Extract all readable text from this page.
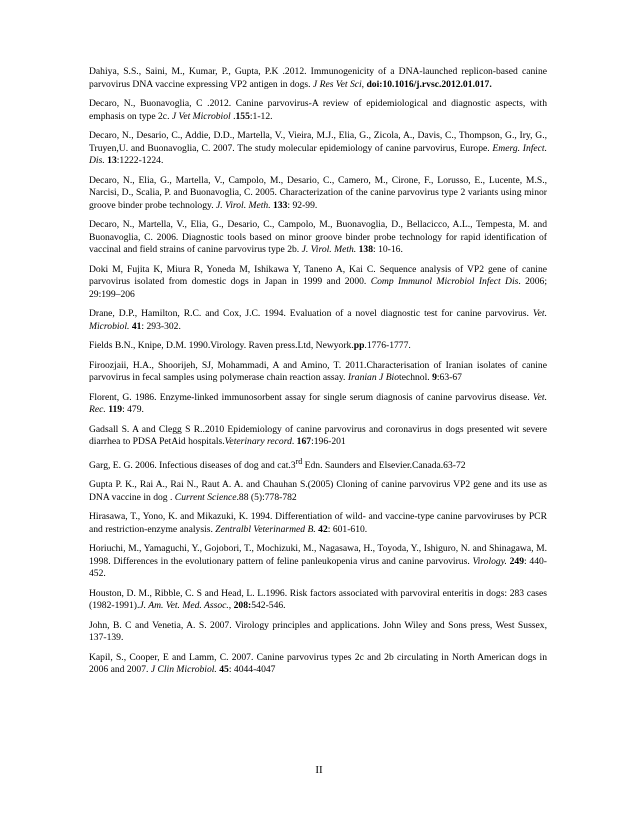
Dahiya, S.S., Saini, M., Kumar, P., Gupta, P.K .2012. Immunogenicity of a DNA-launched replicon-based canine parvovirus DNA vaccine expressing VP2 antigen in dogs. J Res Vet Sci, doi:10.1016/j.rvsc.2012.01.017.

Decaro, N., Buonavoglia, C .2012. Canine parvovirus-A review of epidemiological and diagnostic aspects, with emphasis on type 2c. J Vet Microbiol .155:1-12.

Decaro, N., Desario, C., Addie, D.D., Martella, V., Vieira, M.J., Elia, G., Zicola, A., Davis, C., Thompson, G., Iry, G., Truyen,U. and Buonavoglia, C. 2007. The study molecular epidemiology of canine parvovirus, Europe. Emerg. Infect. Dis. 13:1222-1224.

Decaro, N., Elia, G., Martella, V., Campolo, M., Desario, C., Camero, M., Cirone, F., Lorusso, E., Lucente, M.S., Narcisi, D., Scalia, P. and Buonavoglia, C. 2005. Characterization of the canine parvovirus type 2 variants using minor groove binder probe technology. J. Virol. Meth. 133: 92-99.

Decaro, N., Martella, V., Elia, G., Desario, C., Campolo, M., Buonavoglia, D., Bellacicco, A.L., Tempesta, M. and Buonavoglia, C. 2006. Diagnostic tools based on minor groove binder probe technology for rapid identification of vaccinal and field strains of canine parvovirus type 2b. J. Virol. Meth. 138: 10-16.

Doki M, Fujita K, Miura R, Yoneda M, Ishikawa Y, Taneno A, Kai C. Sequence analysis of VP2 gene of canine parvovirus isolated from domestic dogs in Japan in 1999 and 2000. Comp Immunol Microbiol Infect Dis. 2006; 29:199–206

Drane, D.P., Hamilton, R.C. and Cox, J.C. 1994. Evaluation of a novel diagnostic test for canine parvovirus. Vet. Microbiol. 41: 293-302.

Fields B.N., Knipe, D.M. 1990.Virology. Raven press.Ltd, Newyork.pp.1776-1777.

Firoozjaii, H.A., Shoorijeh, SJ, Mohammadi, A and Amino, T. 2011.Characterisation of Iranian isolates of canine parvovirus in fecal samples using polymerase chain reaction assay. Iranian J Biotechnol. 9:63-67

Florent, G. 1986. Enzyme-linked immunosorbent assay for single serum diagnosis of canine parvovirus disease. Vet. Rec. 119: 479.

Gadsall S. A and Clegg S R..2010 Epidemiology of canine parvovirus and coronavirus in dogs presented wit severe diarrhea to PDSA PetAid hospitals.Veterinary record. 167:196-201

Garg, E. G. 2006. Infectious diseases of dog and cat.3rd Edn. Saunders and Elsevier.Canada.63-72

Gupta P. K., Rai A., Rai N., Raut A. A. and Chauhan S.(2005) Cloning of canine parvovirus VP2 gene and its use as DNA vaccine in dog . Current Science.88 (5):778-782

Hirasawa, T., Yono, K. and Mikazuki, K. 1994. Differentiation of wild- and vaccine-type canine parvoviruses by PCR and restriction-enzyme analysis. Zentralbl Veterinarmed B. 42: 601-610.

Horiuchi, M., Yamaguchi, Y., Gojobori, T., Mochizuki, M., Nagasawa, H., Toyoda, Y., Ishiguro, N. and Shinagawa, M. 1998. Differences in the evolutionary pattern of feline panleukopenia virus and canine parvovirus. Virology. 249: 440-452.

Houston, D. M., Ribble, C. S and Head, L. L.1996. Risk factors associated with parvoviral enteritis in dogs: 283 cases (1982-1991).J. Am. Vet. Med. Assoc., 208:542-546.

John, B. C and Venetia, A. S. 2007. Virology principles and applications. John Wiley and Sons press, West Sussex, 137-139.

Kapil, S., Cooper, E and Lamm, C. 2007. Canine parvovirus types 2c and 2b circulating in North American dogs in 2006 and 2007. J Clin Microbiol. 45: 4044-4047

II
